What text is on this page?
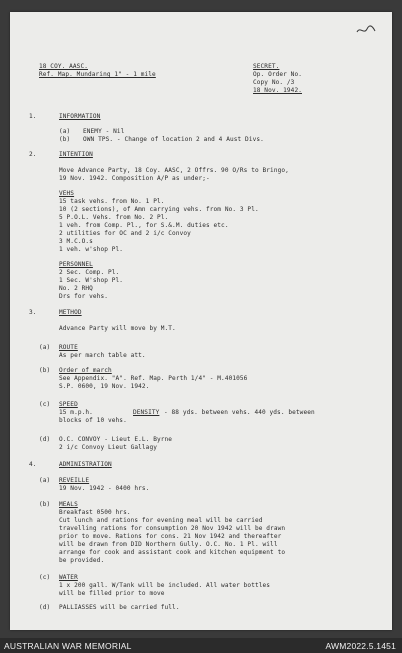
18 COY. AASC.
Ref. Map. Mundaring 1" - 1 mile
SECRET.
Op. Order No.
Copy No. /3
18 Nov. 1942.
1.	INFORMATION
(a) ENEMY - Nil
(b) OWN TPS. - Change of location 2 and 4 Aust Divs.
2.	INTENTION
Move Advance Party, 18 Coy. AASC, 2 Offrs. 90 O/Rs to Bringo,
19 Nov. 1942. Composition A/P as under;-
VEHS
15 task vehs. from No. 1 Pl.
10 (2 sections), of Amn carrying vehs. from No. 3 Pl.
5 P.O.L. Vehs. from No. 2 Pl.
1 veh. from Comp. Pl., for S.&.M. duties etc.
2 utilities for OC and 2 i/c Convoy
3 M.C.O.s
1 veh. w'shop Pl.
PERSONNEL
2 Sec. Comp. Pl.
1 Sec. W'shop Pl.
No. 2 RHQ
Drs for vehs.
3.	METHOD
Advance Party will move by M.T.
(a) ROUTE
As per march table att.
(b) Order of march
See Appendix. "A". Ref. Map. Perth 1/4" - M.401056
S.P. 0600, 19 Nov. 1942.
(c) SPEED
15 m.p.h.	DENSITY - 88 yds. between vehs. 440 yds. between
blocks of 10 vehs.
(d) O.C. CONVOY - Lieut E.L. Byrne
2 i/c Convoy Lieut Gallagy
4.	ADMINISTRATION
(a) REVEILLE
19 Nov. 1942 - 0400 hrs.
(b) MEALS
Breakfast 0500 hrs.
Cut lunch and rations for evening meal will be carried
travelling rations for consumption 20 Nov 1942 will be drawn
prior to move. Rations for cons. 21 Nov 1942 and thereafter
will be drawn from DID Northern Gully. O.C. No. 1 Pl. will
arrange for cook and assistant cook and kitchen equipment to
be provided.
(c) WATER
1 x 200 gall. W/Tank will be included. All water bottles
will be filled prior to move
(d) PALLIASSES will be carried full.
AUSTRALIAN WAR MEMORIAL	AWM2022.5.1451
